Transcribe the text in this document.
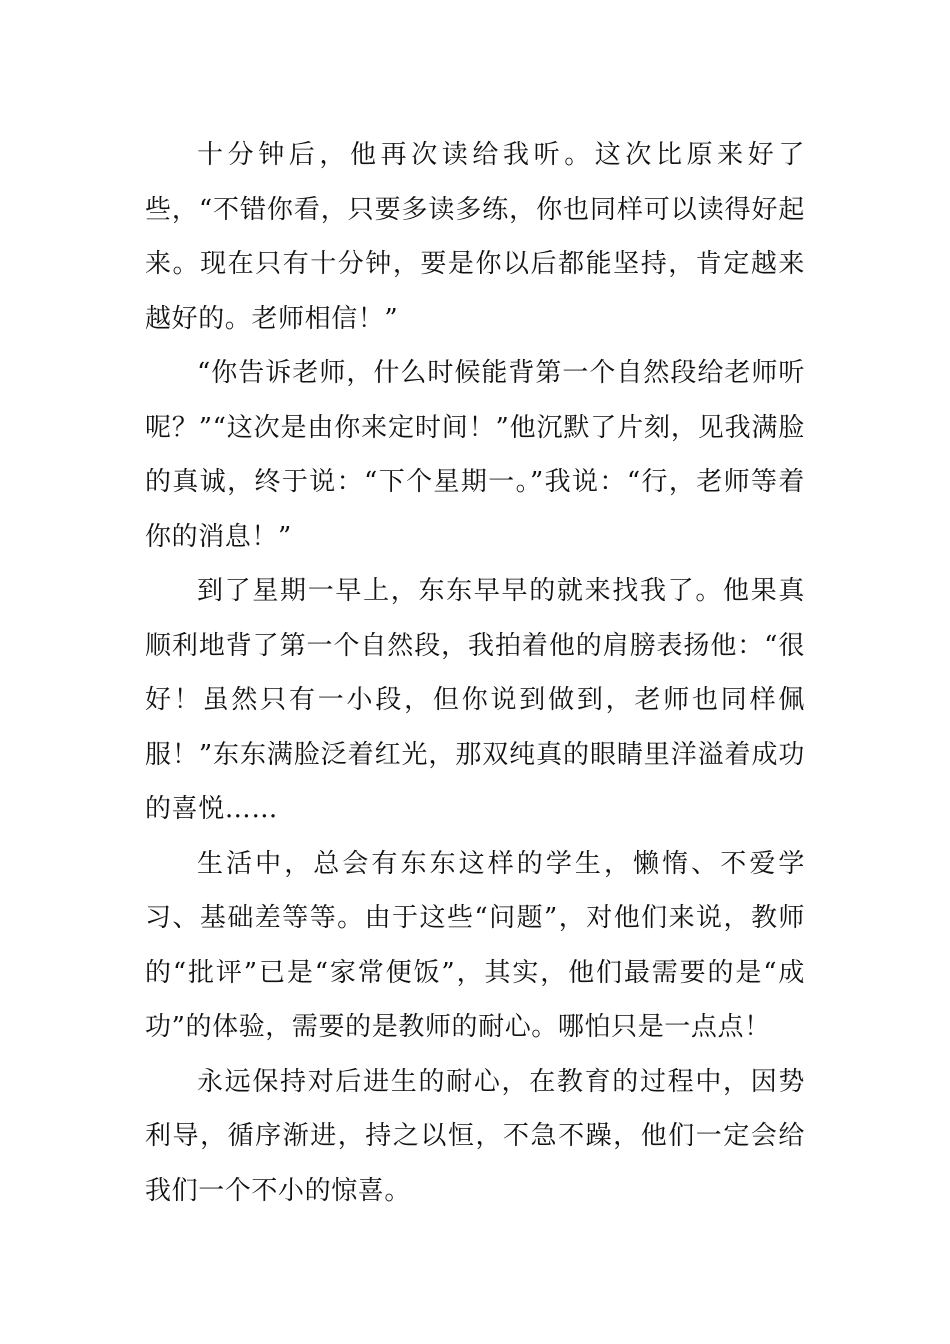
十分钟后，他再次读给我听。这次比原来好了些，“不错你看，只要多读多练，你也同样可以读得好起来。现在只有十分钟，要是你以后都能坚持，肯定越来越好的。老师相信！”

“你告诉老师，什么时候能背第一个自然段给老师听呢？”“这次是由你来定时间！”他沉默了片刻，见我满脸的真诚，终于说：“下个星期一。”我说：“行，老师等着你的消息！”

到了星期一早上，东东早早的就来找我了。他果真顺利地背了第一个自然段，我拍着他的肩膀表扬他：“很好！虽然只有一小段，但你说到做到，老师也同样佩服！”东东满脸泛着红光，那双纯真的眼睛里洋溢着成功的喜悦……

生活中，总会有东东这样的学生，懒惰、不爱学习、基础差等等。由于这些“问题”，对他们来说，教师的“批评”已是“家常便饭”，其实，他们最需要的是“成功”的体验，需要的是教师的耐心。哪怕只是一点点！

永远保持对后进生的耐心，在教育的过程中，因势利导，循序渐进，持之以恒，不急不躁，他们一定会给我们一个不小的惊喜。
